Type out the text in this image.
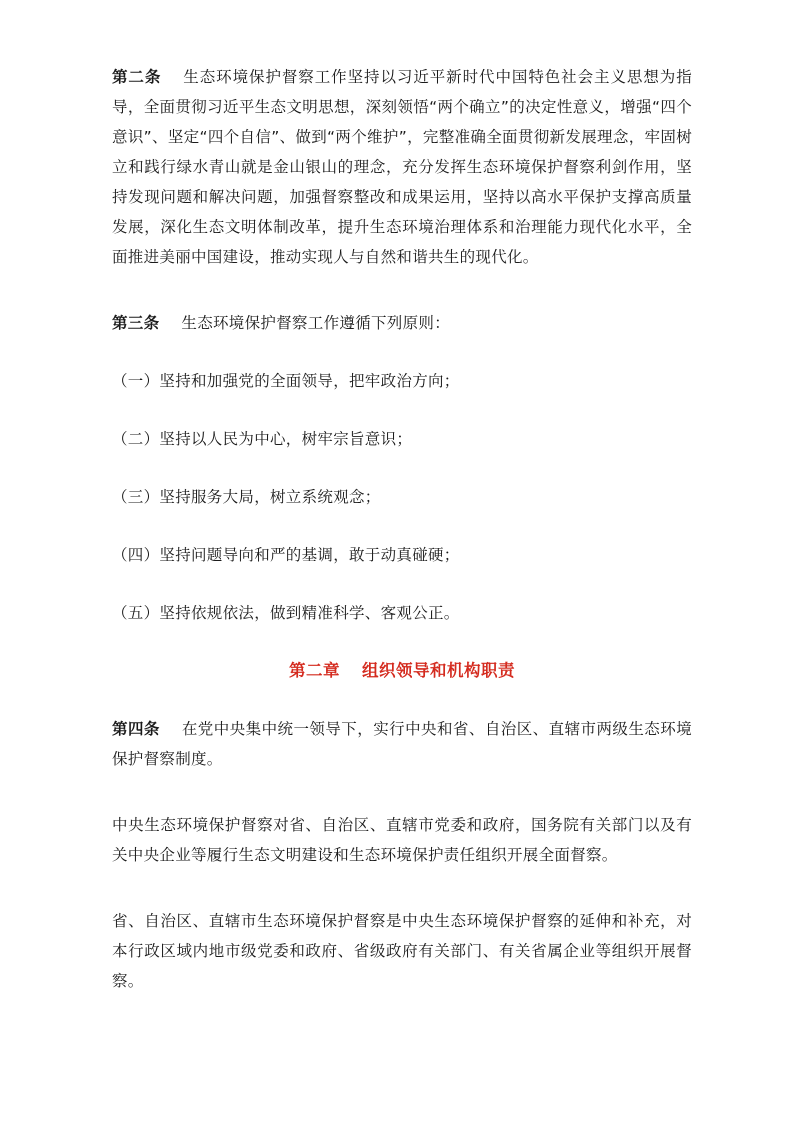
第二条 生态环境保护督察工作坚持以习近平新时代中国特色社会主义思想为指导，全面贯彻习近平生态文明思想，深刻领悟“两个确立”的决定性意义，增强“四个意识”、坚定“四个自信”、做到“两个维护”，完整准确全面贯彻新发展理念，牢固树立和践行绿水青山就是金山银山的理念，充分发挥生态环境保护督察利剑作用，坚持发现问题和解决问题，加强督察整改和成果运用，坚持以高水平保护支撑高质量发展，深化生态文明体制改革，提升生态环境治理体系和治理能力现代化水平，全面推进美丽中国建设，推动实现人与自然和谐共生的现代化。

第三条 生态环境保护督察工作遵循下列原则：

（一）坚持和加强党的全面领导，把牢政治方向；

（二）坚持以人民为中心，树牢宗旨意识；

（三）坚持服务大局，树立系统观念；

（四）坚持问题导向和严的基调，敢于动真碰硬；

（五）坚持依规依法，做到精准科学、客观公正。

第二章 组织领导和机构职责

第四条 在党中央集中统一领导下，实行中央和省、自治区、直辖市两级生态环境保护督察制度。

中央生态环境保护督察对省、自治区、直辖市党委和政府，国务院有关部门以及有关中央企业等履行生态文明建设和生态环境保护责任组织开展全面督察。

省、自治区、直辖市生态环境保护督察是中央生态环境保护督察的延伸和补充，对本行政区域内地市级党委和政府、省级政府有关部门、有关省属企业等组织开展督察。
